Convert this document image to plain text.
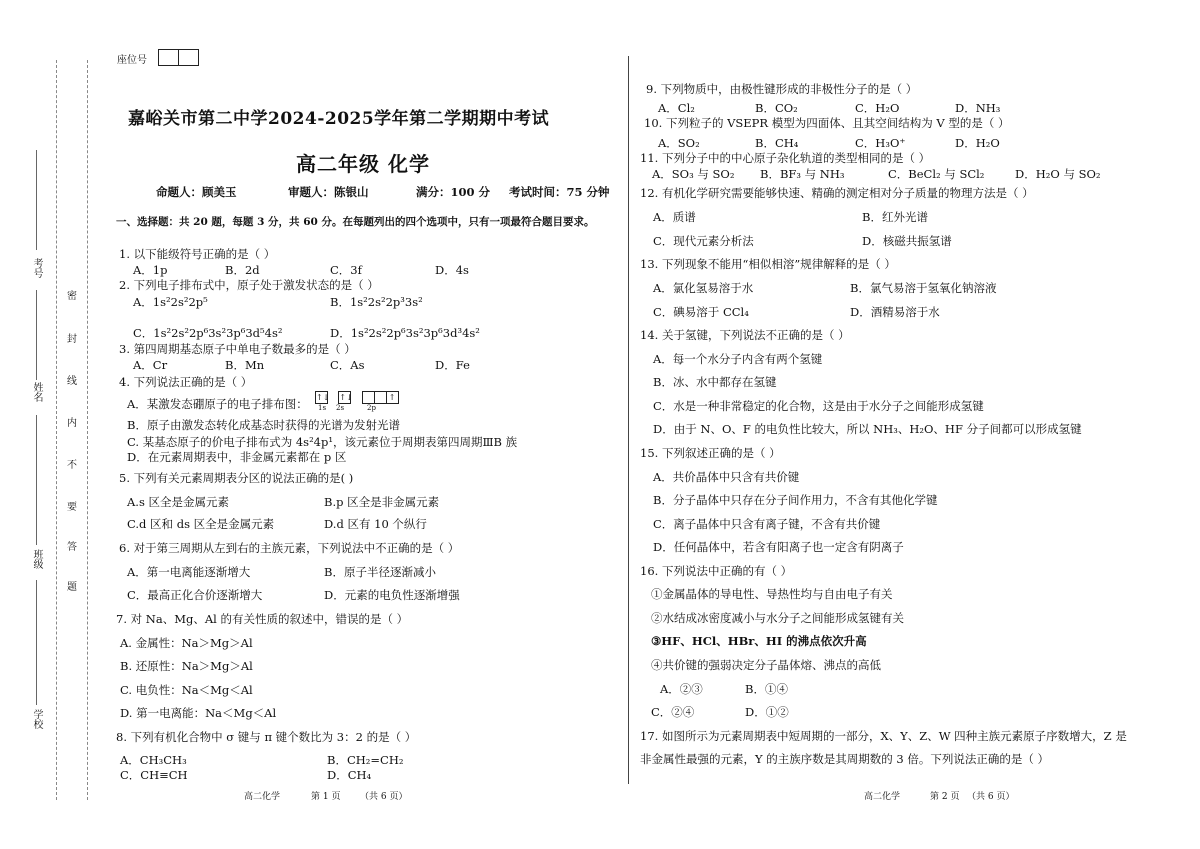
考号
姓名
班级
学校
密
封
线
内
不
要
答
题
座位号
嘉峪关市第二中学2024-2025学年第二学期期中考试
高二年级 化学
命题人：顾美玉	审题人：陈银山	满分：100 分 考试时间：75 分钟
一、选择题：共 20 题，每题 3 分，共 60 分。在每题列出的四个选项中，只有一项最符合题目要求。
1. 以下能级符号正确的是（ ）
A．1p	B．2d	C．3f	D．4s
2. 下列电子排布式中，原子处于激发状态的是（ ）
A．1s²2s²2p⁵	B．1s²2s²2p³3s²
C．1s²2s²2p⁶3s²3p⁶3d⁵4s²	D．1s²2s²2p⁶3s²3p⁶3d³4s²
3. 第四周期基态原子中单电子数最多的是（ ）
A．Cr	B．Mn	C．As	D．Fe
4. 下列说法正确的是（ ）
A．某激发态硼原子的电子排布图： ↑↓ ↑↓	↑
1s 2s	2p
B．原子由激发态转化成基态时获得的光谱为发射光谱
C. 某基态原子的价电子排布式为 4s²4p¹，该元素位于周期表第四周期ⅢB 族
D．在元素周期表中，非金属元素都在 p 区
5. 下列有关元素周期表分区的说法正确的是( )
A.s 区全是金属元素	B.p 区全是非金属元素
C.d 区和 ds 区全是金属元素	D.d 区有 10 个纵行
6. 对于第三周期从左到右的主族元素，下列说法中不正确的是（ ）
A．第一电离能逐渐增大	B．原子半径逐渐减小
C．最高正化合价逐渐增大	D．元素的电负性逐渐增强
7. 对 Na、Mg、Al 的有关性质的叙述中，错误的是（ ）
A. 金属性：Na＞Mg＞Al
B. 还原性：Na＞Mg＞Al
C. 电负性：Na＜Mg＜Al
D. 第一电离能：Na＜Mg＜Al
8. 下列有机化合物中 σ 键与 π 键个数比为 3：2 的是（ ）
A．CH₃CH₃	B．CH₂=CH₂
C．CH≡CH	D．CH₄
9. 下列物质中，由极性键形成的非极性分子的是（ ）
A．Cl₂	B．CO₂	C．H₂O	D．NH₃
10. 下列粒子的 VSEPR 模型为四面体、且其空间结构为 V 型的是（ ）
A．SO₂	B．CH₄	C．H₃O⁺	D．H₂O
11. 下列分子中的中心原子杂化轨道的类型相同的是（ ）
A．SO₃ 与 SO₂ B．BF₃ 与 NH₃	C．BeCl₂ 与 SCl₂	D．H₂O 与 SO₂
12. 有机化学研究需要能够快速、精确的测定相对分子质量的物理方法是（ ）
A．质谱	B．红外光谱
C．现代元素分析法	D．核磁共振氢谱
13. 下列现象不能用“相似相溶”规律解释的是（ ）
A．氯化氢易溶于水	B．氯气易溶于氢氧化钠溶液
C．碘易溶于 CCl₄	D．酒精易溶于水
14. 关于氢键，下列说法不正确的是（ ）
A．每一个水分子内含有两个氢键
B．冰、水中都存在氢键
C．水是一种非常稳定的化合物，这是由于水分子之间能形成氢键
D．由于 N、O、F 的电负性比较大，所以 NH₃、H₂O、HF 分子间都可以形成氢键
15. 下列叙述正确的是（ ）
A．共价晶体中只含有共价键
B．分子晶体中只存在分子间作用力，不含有其他化学键
C．离子晶体中只含有离子键，不含有共价键
D．任何晶体中，若含有阳离子也一定含有阴离子
16. 下列说法中正确的有（ ）
①金属晶体的导电性、导热性均与自由电子有关
②水结成冰密度减小与水分子之间能形成氢键有关
③HF、HCl、HBr、HI 的沸点依次升高
④共价键的强弱决定分子晶体熔、沸点的高低
A．②③	B．①④
C．②④	D．①②
17. 如图所示为元素周期表中短周期的一部分，X、Y、Z、W 四种主族元素原子序数增大，Z 是
非金属性最强的元素，Y 的主族序数是其周期数的 3 倍。下列说法正确的是（ ）
高二化学	第 1 页 （共 6 页）	高二化学	第 2 页 （共 6 页）
